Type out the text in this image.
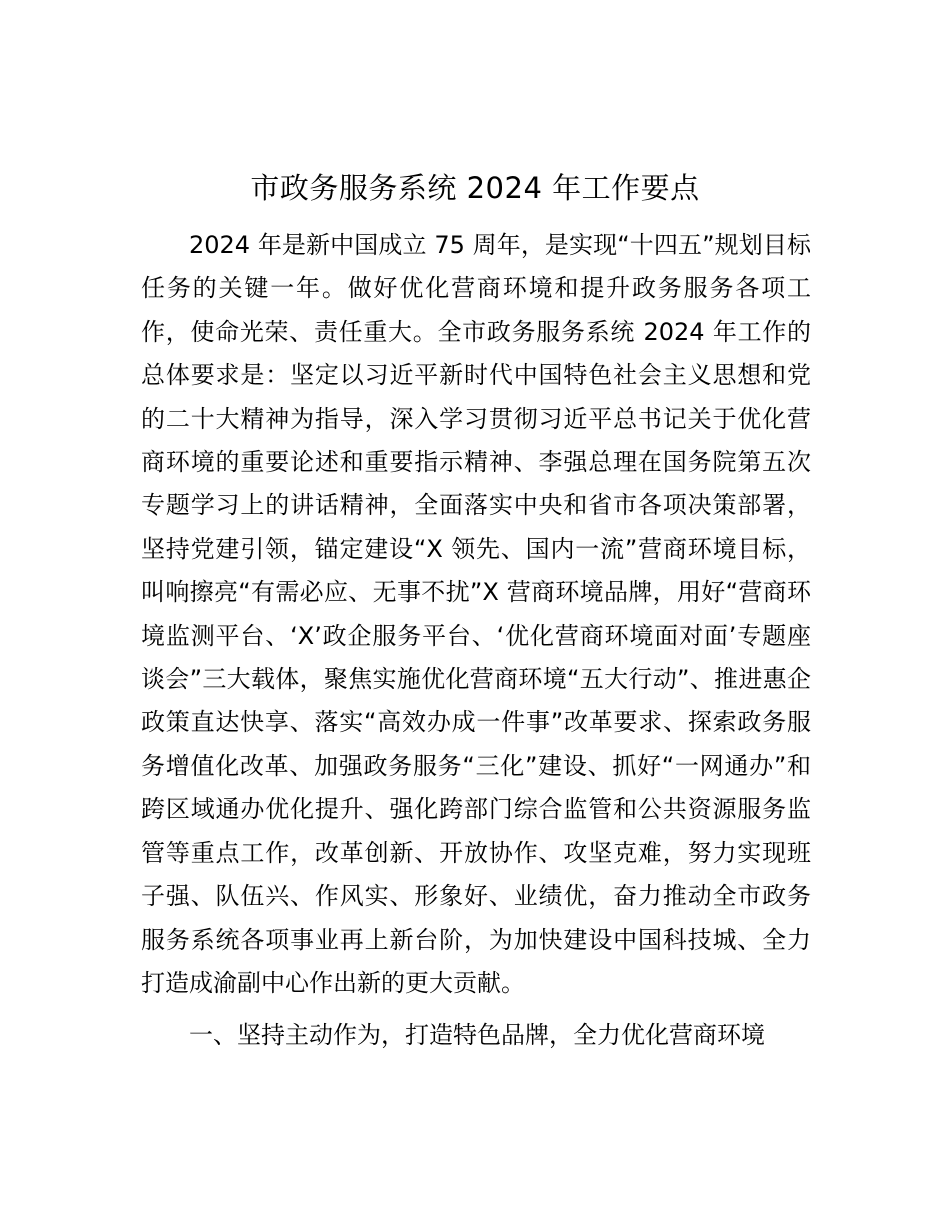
市政务服务系统 2024 年工作要点

2024 年是新中国成立 75 周年，是实现“十四五”规划目标任务的关键一年。做好优化营商环境和提升政务服务各项工作，使命光荣、责任重大。全市政务服务系统 2024 年工作的总体要求是：坚定以习近平新时代中国特色社会主义思想和党的二十大精神为指导，深入学习贯彻习近平总书记关于优化营商环境的重要论述和重要指示精神、李强总理在国务院第五次专题学习上的讲话精神，全面落实中央和省市各项决策部署，坚持党建引领，锚定建设“X 领先、国内一流”营商环境目标，叫响擦亮“有需必应、无事不扰”X 营商环境品牌，用好“营商环境监测平台、‘X’政企服务平台、‘优化营商环境面对面’专题座谈会”三大载体，聚焦实施优化营商环境“五大行动”、推进惠企政策直达快享、落实“高效办成一件事”改革要求、探索政务服务增值化改革、加强政务服务“三化”建设、抓好“一网通办”和跨区域通办优化提升、强化跨部门综合监管和公共资源服务监管等重点工作，改革创新、开放协作、攻坚克难，努力实现班子强、队伍兴、作风实、形象好、业绩优，奋力推动全市政务服务系统各项事业再上新台阶，为加快建设中国科技城、全力打造成渝副中心作出新的更大贡献。

一、坚持主动作为，打造特色品牌，全力优化营商环境
